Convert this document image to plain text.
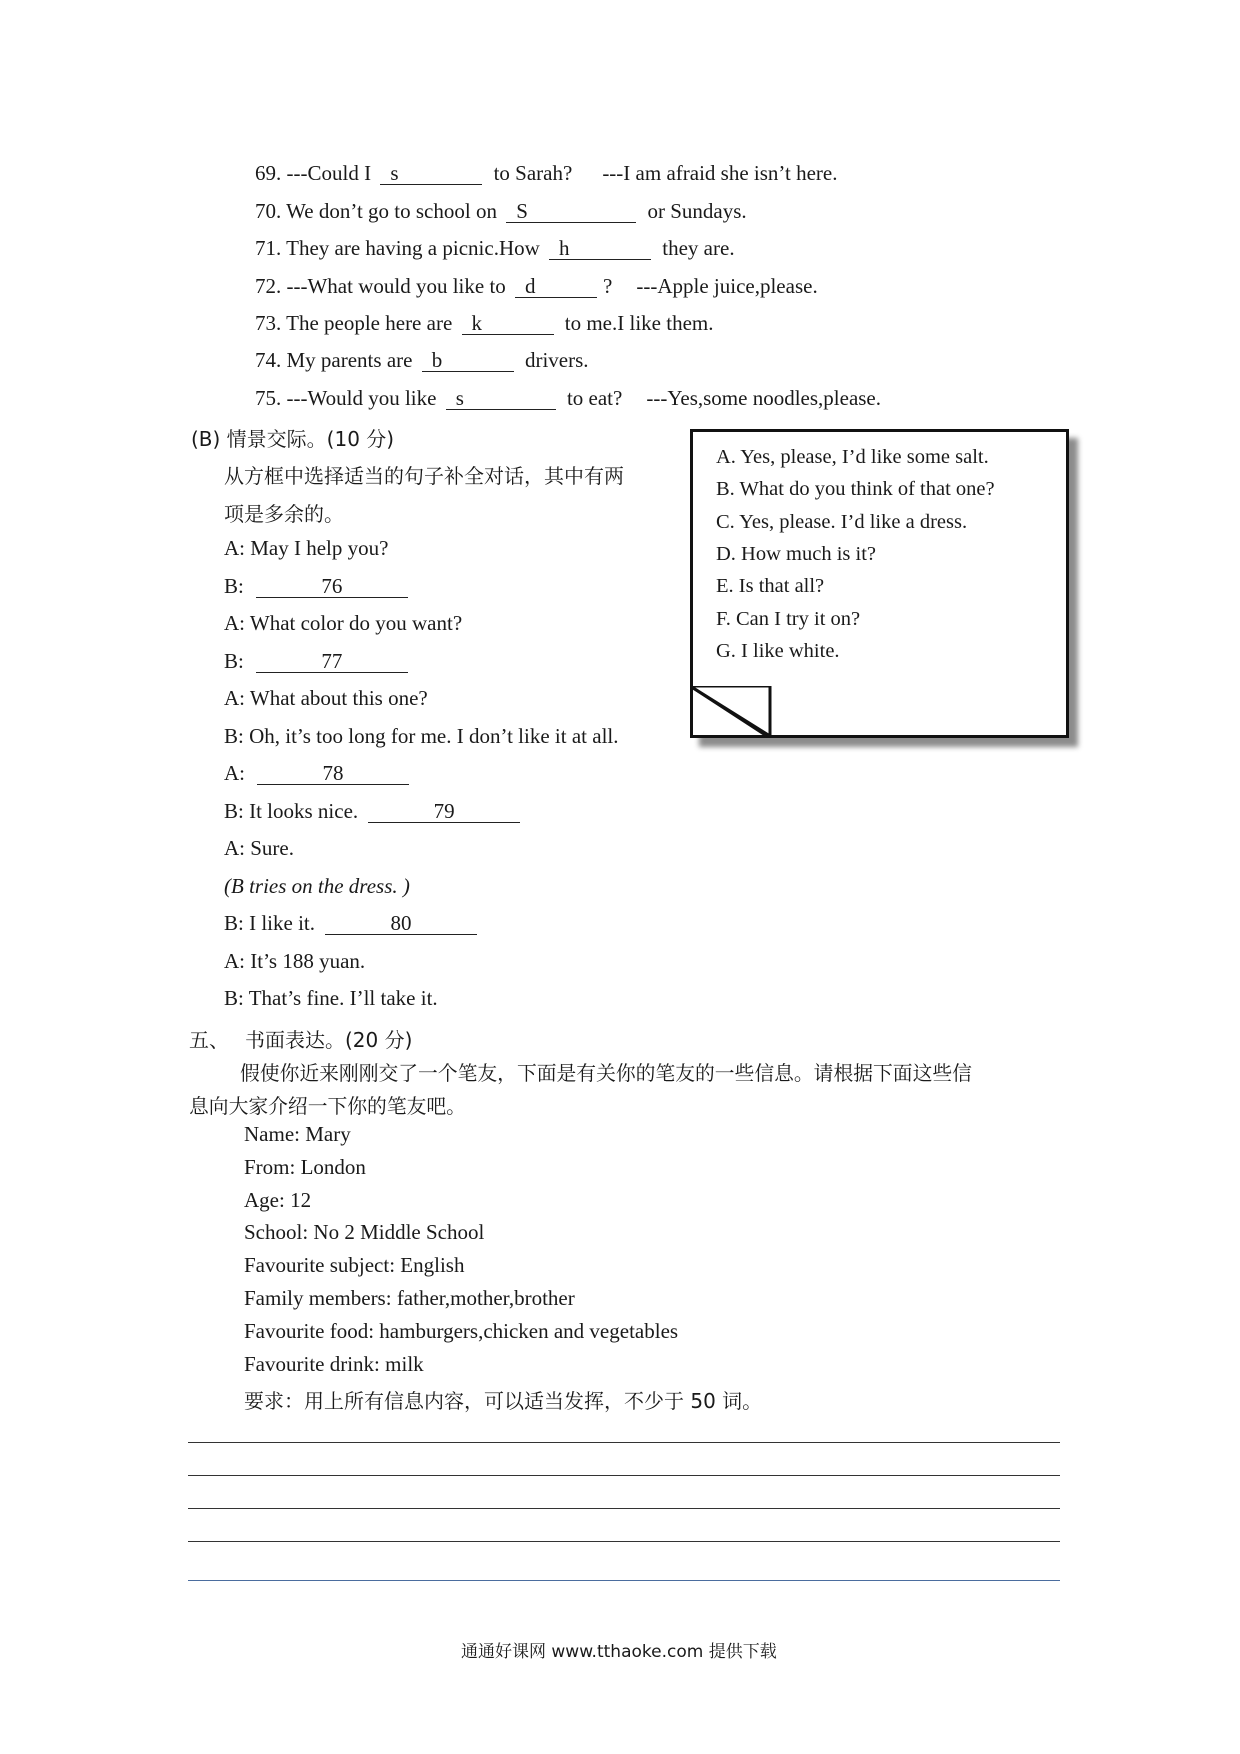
69. ---Could I s	to Sarah? ---I am afraid she isn’t here.
70. We don’t go to school on S	or Sundays.
71. They are having a picnic.How h	they are.
72. ---What would you like to d	? ---Apple juice,please.
73. The people here are k	to me.I like them.
74. My parents are b	drivers.
75. ---Would you like s	to eat? ---Yes,some noodles,please.
(B) 情景交际。(10 分)
从方框中选择适当的句子补全对话，其中有两
项是多余的。
A: May I help you?
B:	76
A: What color do you want?
B:	77
A: What about this one?
B: Oh, it’s too long for me. I don’t like it at all.
A:	78
B: It looks nice.	79
A: Sure.
(B tries on the dress. )
B: I like it.	80
A: It’s 188 yuan.
B: That’s fine. I’ll take it.
A. Yes, please, I’d like some salt.
B. What do you think of that one?
C. Yes, please. I’d like a dress.
D. How much is it?
E. Is that all?
F. Can I try it on?
G. I like white.
五、 书面表达。(20 分)
假使你近来刚刚交了一个笔友，下面是有关你的笔友的一些信息。请根据下面这些信
息向大家介绍一下你的笔友吧。
Name: Mary
From: London
Age: 12
School: No 2 Middle School
Favourite subject: English
Family members: father,mother,brother
Favourite food: hamburgers,chicken and vegetables
Favourite drink: milk
要求：用上所有信息内容，可以适当发挥，不少于 50 词。
通通好课网 www.tthaoke.com 提供下载
